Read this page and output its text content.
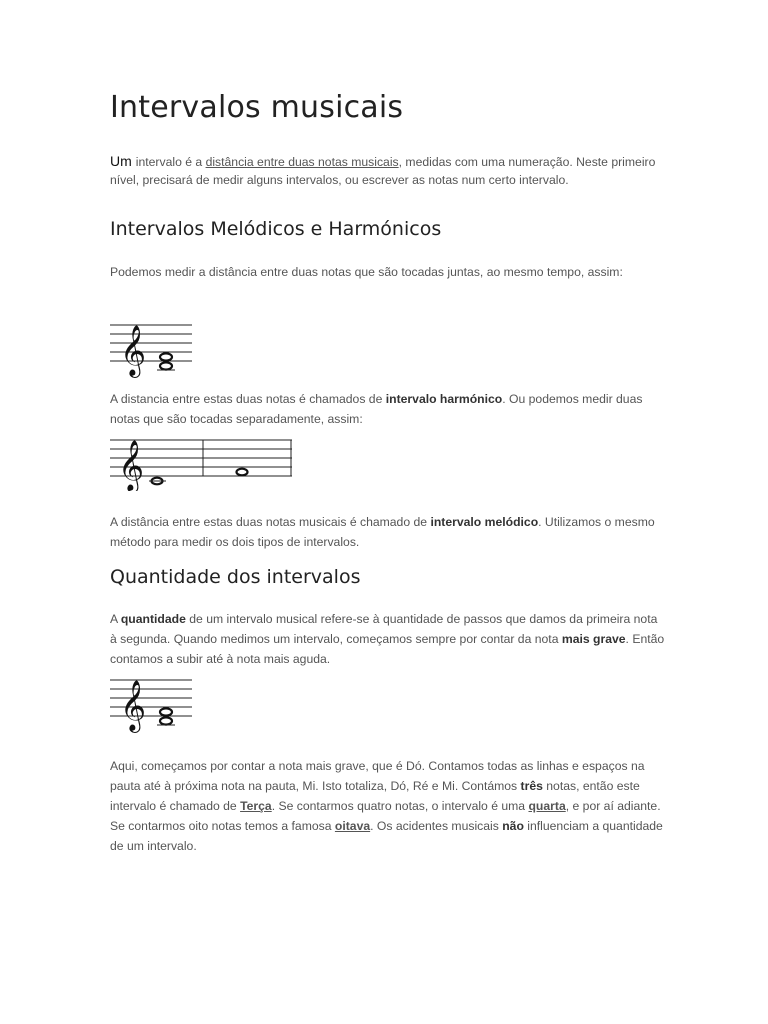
Intervalos musicais

Um intervalo é a distância entre duas notas musicais, medidas com uma numeração. Neste primeiro nível, precisará de medir alguns intervalos, ou escrever as notas num certo intervalo.

Intervalos Melódicos e Harmónicos

Podemos medir a distância entre duas notas que são tocadas juntas, ao mesmo tempo, assim:

𝄞

A distancia entre estas duas notas é chamados de intervalo harmónico. Ou podemos medir duas notas que são tocadas separadamente, assim:

𝄞

A distância entre estas duas notas musicais é chamado de intervalo melódico. Utilizamos o mesmo método para medir os dois tipos de intervalos.

Quantidade dos intervalos

A quantidade de um intervalo musical refere-se à quantidade de passos que damos da primeira nota à segunda. Quando medimos um intervalo, começamos sempre por contar da nota mais grave. Então contamos a subir até à nota mais aguda.

𝄞

Aqui, começamos por contar a nota mais grave, que é Dó. Contamos todas as linhas e espaços na pauta até à próxima nota na pauta, Mi. Isto totaliza, Dó, Ré e Mi. Contámos três notas, então este intervalo é chamado de Terça. Se contarmos quatro notas, o intervalo é uma quarta, e por aí adiante. Se contarmos oito notas temos a famosa oitava. Os acidentes musicais não influenciam a quantidade de um intervalo.
